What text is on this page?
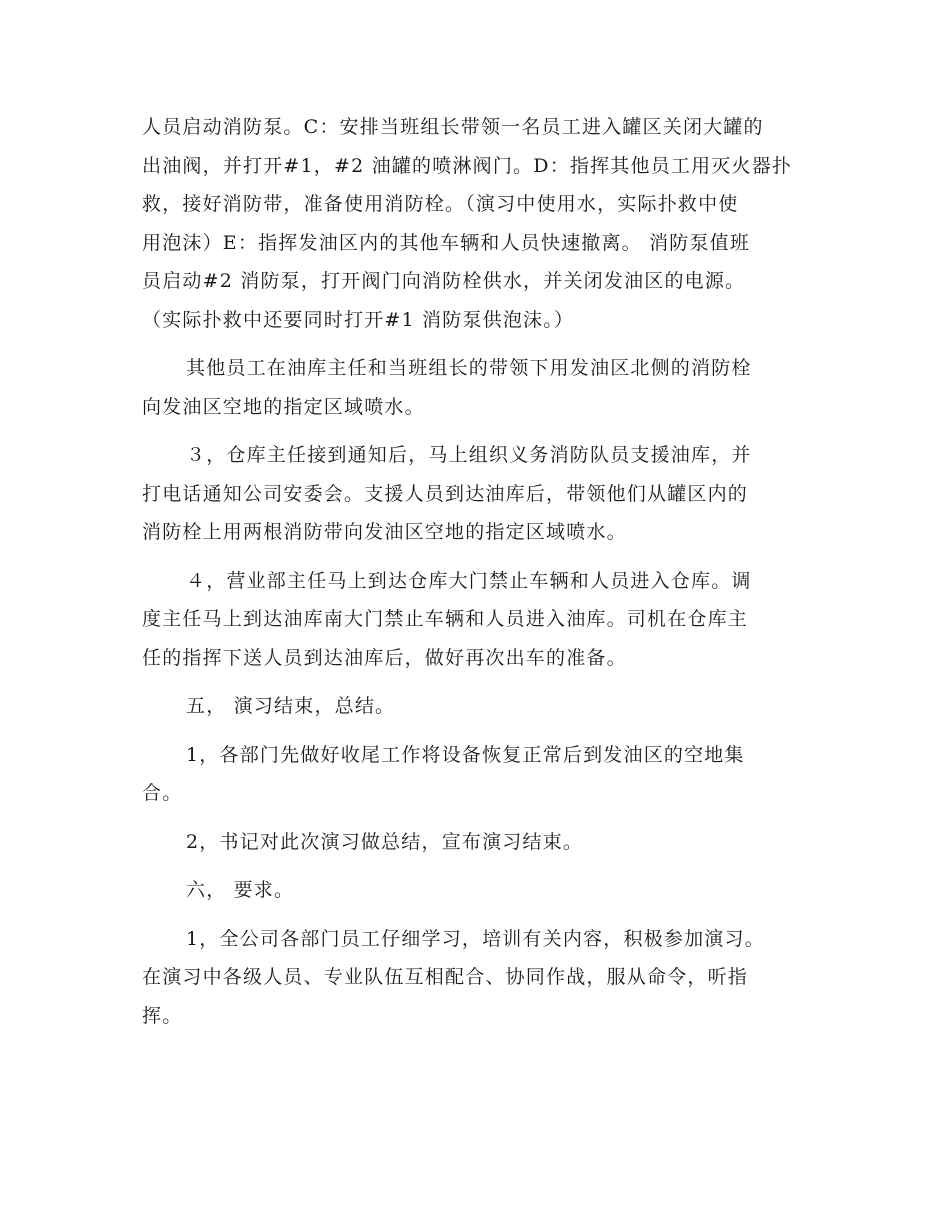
人员启动消防泵。C：安排当班组长带领一名员工进入罐区关闭大罐的
出油阀，并打开#1，#2 油罐的喷淋阀门。D：指挥其他员工用灭火器扑
救，接好消防带，准备使用消防栓。（演习中使用水，实际扑救中使
用泡沫）E：指挥发油区内的其他车辆和人员快速撤离。 消防泵值班
员启动#2 消防泵，打开阀门向消防栓供水，并关闭发油区的电源。
（实际扑救中还要同时打开#1 消防泵供泡沫。）

其他员工在油库主任和当班组长的带领下用发油区北侧的消防栓
向发油区空地的指定区域喷水。

３，仓库主任接到通知后，马上组织义务消防队员支援油库，并
打电话通知公司安委会。支援人员到达油库后，带领他们从罐区内的
消防栓上用两根消防带向发油区空地的指定区域喷水。

４，营业部主任马上到达仓库大门禁止车辆和人员进入仓库。调
度主任马上到达油库南大门禁止车辆和人员进入油库。司机在仓库主
任的指挥下送人员到达油库后，做好再次出车的准备。

五， 演习结束，总结。

1，各部门先做好收尾工作将设备恢复正常后到发油区的空地集
合。

2，书记对此次演习做总结，宣布演习结束。

六， 要求。

1，全公司各部门员工仔细学习，培训有关内容，积极参加演习。
在演习中各级人员、专业队伍互相配合、协同作战，服从命令，听指
挥。
